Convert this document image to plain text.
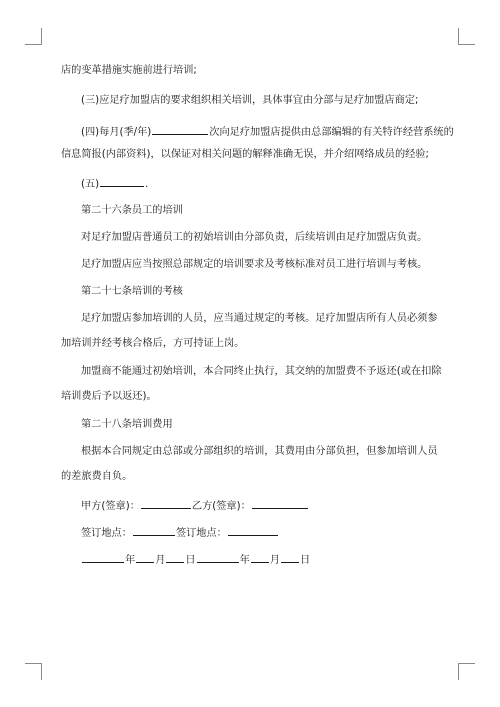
店的变革措施实施前进行培训;
(三)应足疗加盟店的要求组织相关培训，具体事宜由分部与足疗加盟店商定;
(四)每月(季/年)	次向足疗加盟店提供由总部编辑的有关特许经营系统的
信息简报(内部资料)，以保证对相关问题的解释准确无误，并介绍网络成员的经验;
(五)	.
第二十六条员工的培训
对足疗加盟店普通员工的初始培训由分部负责，后续培训由足疗加盟店负责。
足疗加盟店应当按照总部规定的培训要求及考核标准对员工进行培训与考核。
第二十七条培训的考核
足疗加盟店参加培训的人员，应当通过规定的考核。足疗加盟店所有人员必须参
加培训并经考核合格后，方可持证上岗。
加盟商不能通过初始培训，本合同终止执行，其交纳的加盟费不予返还(或在扣除
培训费后予以返还)。
第二十八条培训费用
根据本合同规定由总部或分部组织的培训，其费用由分部负担，但参加培训人员
的差旅费自负。
甲方(签章)：	乙方(签章)：
签订地点：	签订地点：
年 月 日	年 月 日
